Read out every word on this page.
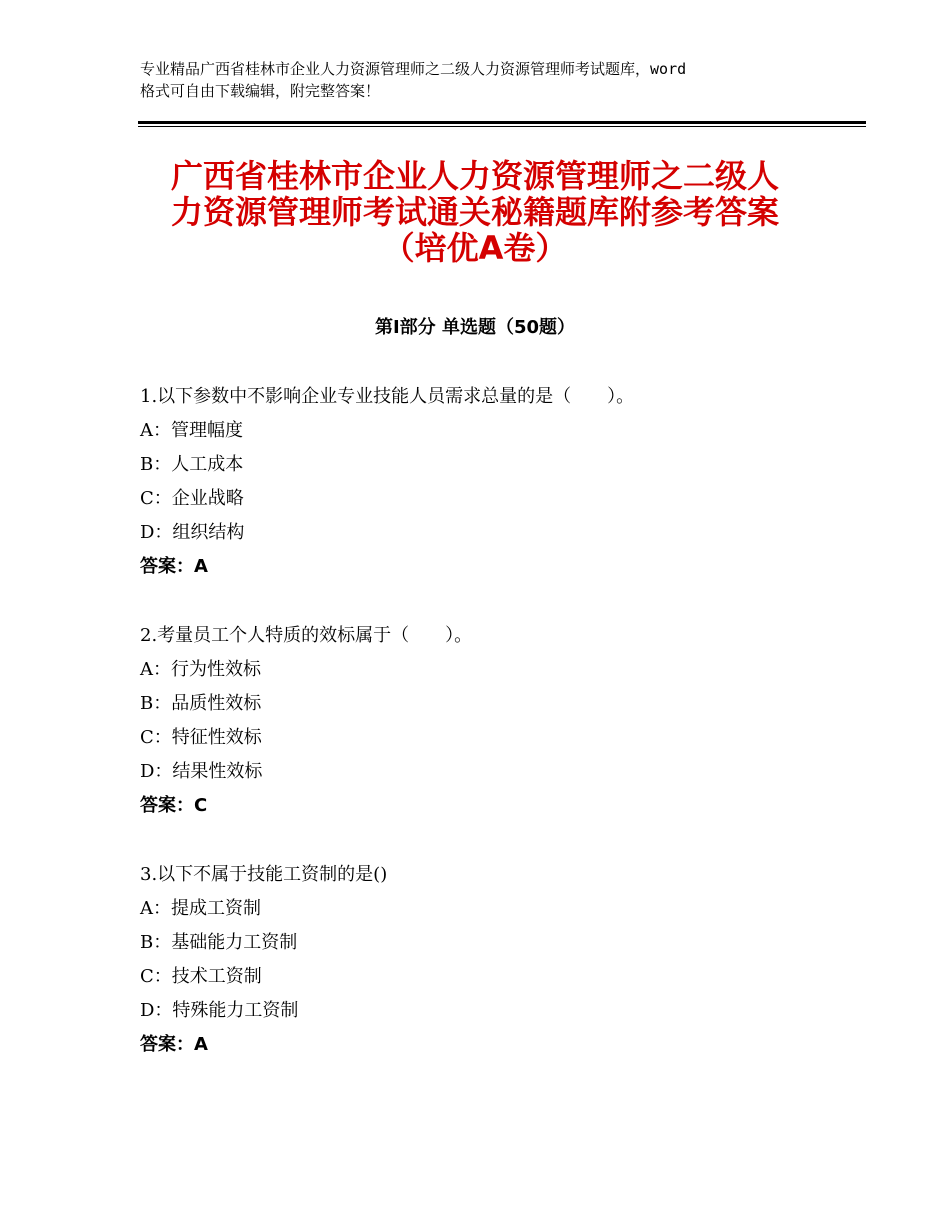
专业精品广西省桂林市企业人力资源管理师之二级人力资源管理师考试题库，word
格式可自由下载编辑，附完整答案！
广西省桂林市企业人力资源管理师之二级人
力资源管理师考试通关秘籍题库附参考答案
（培优A卷）
第Ⅰ部分 单选题（50题）
1.以下参数中不影响企业专业技能人员需求总量的是（　　）。
A：管理幅度
B：人工成本
C：企业战略
D：组织结构
答案：A
2.考量员工个人特质的效标属于（　　）。
A：行为性效标
B：品质性效标
C：特征性效标
D：结果性效标
答案：C
3.以下不属于技能工资制的是()
A：提成工资制
B：基础能力工资制
C：技术工资制
D：特殊能力工资制
答案：A
